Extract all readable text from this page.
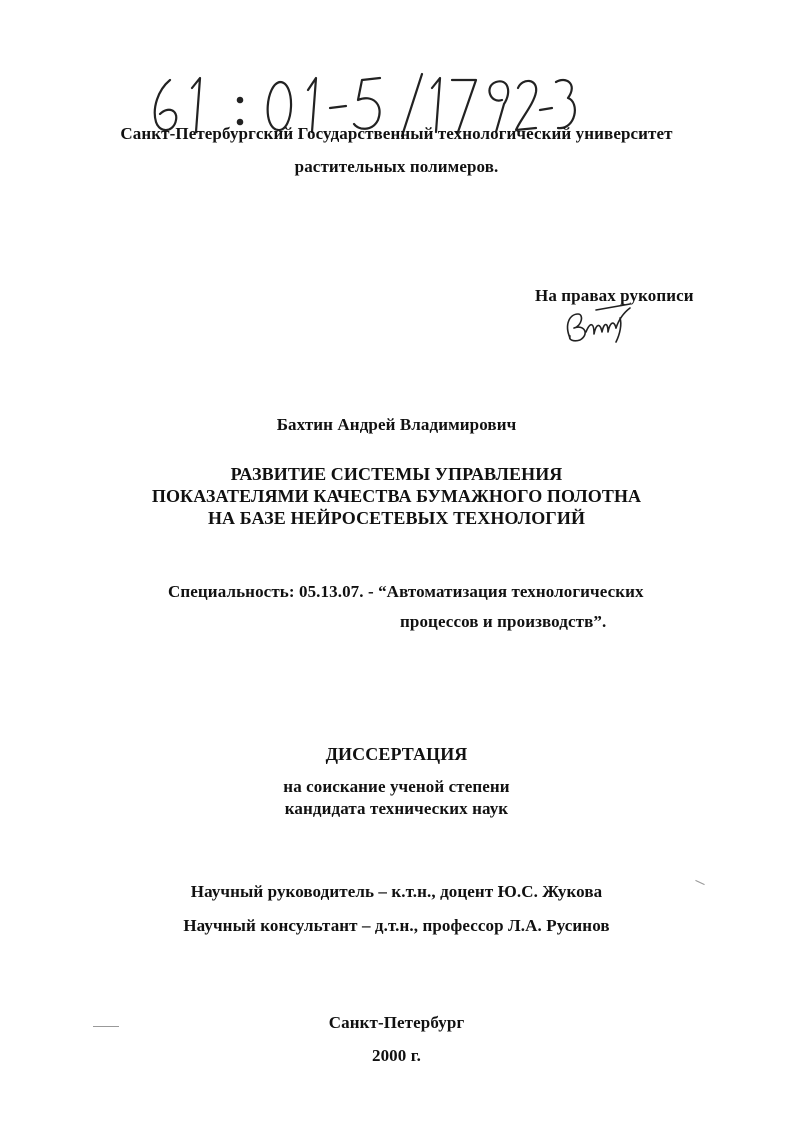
Санкт-Петербургский Государственный технологический университет
растительных полимеров.
На правах рукописи
Бахтин Андрей Владимирович
РАЗВИТИЕ СИСТЕМЫ УПРАВЛЕНИЯ
ПОКАЗАТЕЛЯМИ КАЧЕСТВА БУМАЖНОГО ПОЛОТНА
НА БАЗЕ НЕЙРОСЕТЕВЫХ ТЕХНОЛОГИЙ
Специальность: 05.13.07. - “Автоматизация технологических
процессов и производств”.
ДИССЕРТАЦИЯ
на соискание ученой степени
кандидата технических наук
Научный руководитель – к.т.н., доцент Ю.С. Жукова
Научный консультант – д.т.н., профессор Л.А. Русинов
Санкт-Петербург
2000 г.
